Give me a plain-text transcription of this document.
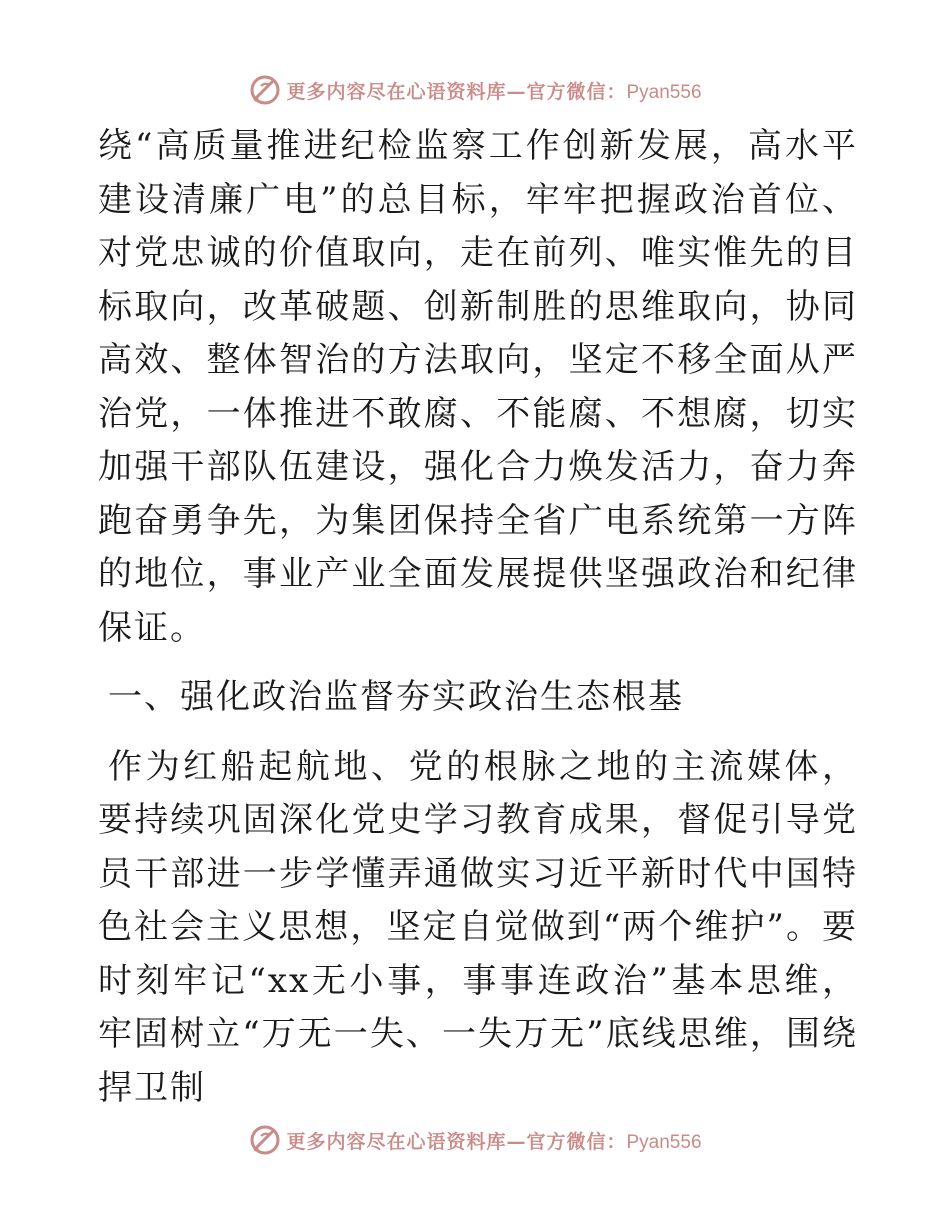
更多内容尽在心语资料库—官方微信：Pyan556

绕“高质量推进纪检监察工作创新发展，高水平建设清廉广电”的总目标，牢牢把握政治首位、对党忠诚的价值取向，走在前列、唯实惟先的目标取向，改革破题、创新制胜的思维取向，协同高效、整体智治的方法取向，坚定不移全面从严治党，一体推进不敢腐、不能腐、不想腐，切实加强干部队伍建设，强化合力焕发活力，奋力奔跑奋勇争先，为集团保持全省广电系统第一方阵的地位，事业产业全面发展提供坚强政治和纪律保证。

一、强化政治监督夯实政治生态根基

作为红船起航地、党的根脉之地的主流媒体，要持续巩固深化党史学习教育成果，督促引导党员干部进一步学懂弄通做实习近平新时代中国特色社会主义思想，坚定自觉做到“两个维护”。要时刻牢记“xx无小事，事事连政治”基本思维，牢固树立“万无一失、一失万无”底线思维，围绕捍卫制

更多内容尽在心语资料库—官方微信：Pyan556
